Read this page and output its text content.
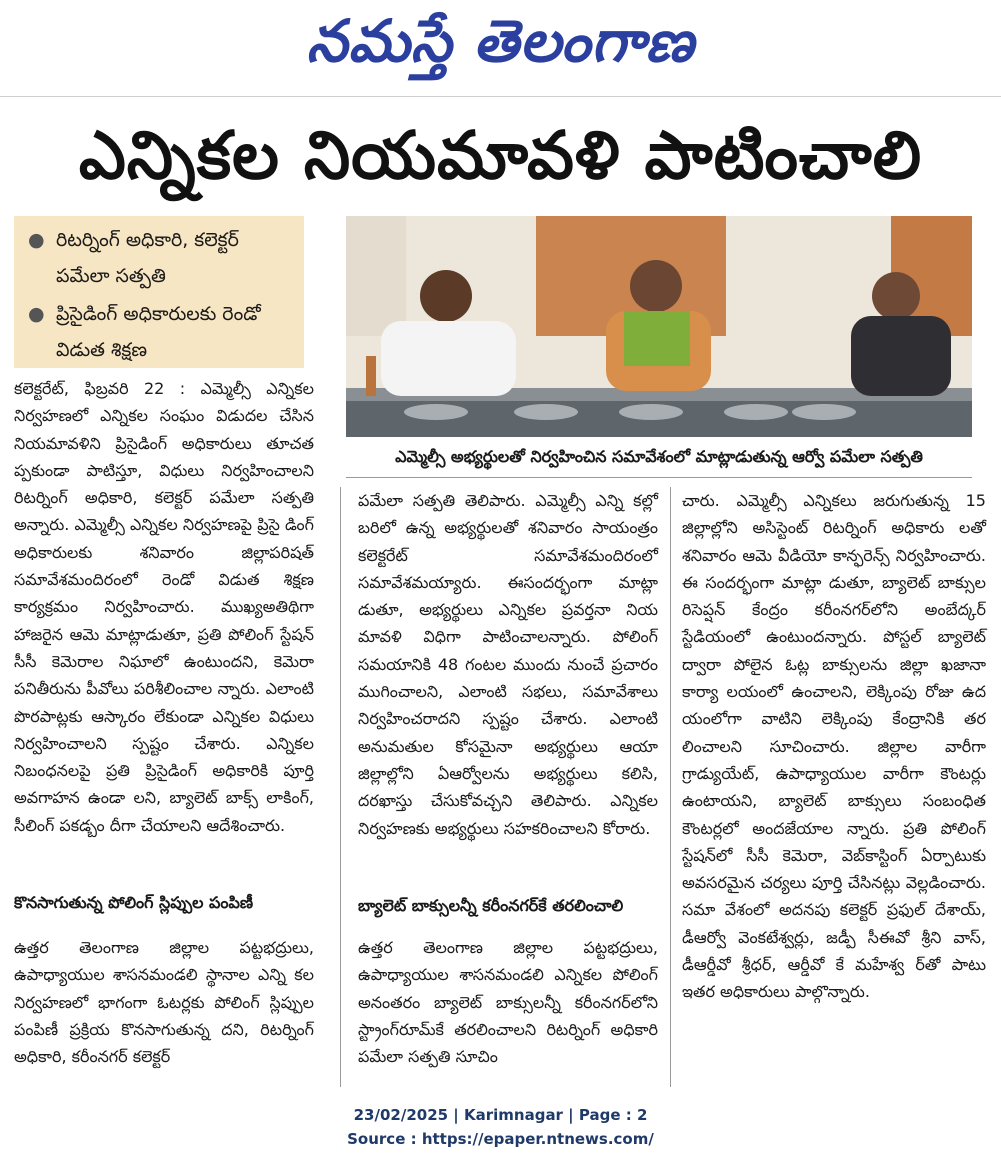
నమస్తే తెలంగాణ
ఎన్నికల నియమావళి పాటించాలి
● రిటర్నింగ్ అధికారి, కలెక్టర్ పమేలా సత్పతి
● ప్రిసైడింగ్ అధికారులకు రెండో విడుత శిక్షణ
ఎమ్మెల్సీ అభ్యర్థులతో నిర్వహించిన సమావేశంలో మాట్లాడుతున్న ఆర్వో పమేలా సత్పతి

కలెక్టరేట్, ఫిబ్రవరి 22 : ఎమ్మెల్సీ ఎన్నికల నిర్వహణలో ఎన్నికల సంఘం విడుదల చేసిన నియమావళిని ప్రిసైడింగ్ అధికారులు తూచత ప్పకుండా పాటిస్తూ, విధులు నిర్వహించాలని రిటర్నింగ్ అధికారి, కలెక్టర్ పమేలా సత్పతి అన్నారు. ఎమ్మెల్సీ ఎన్నికల నిర్వహణపై ప్రిసై డింగ్ అధికారులకు శనివారం జిల్లాపరిషత్ సమావేశమందిరంలో రెండో విడుత శిక్షణ కార్యక్రమం నిర్వహించారు. ముఖ్యఅతిథిగా హాజరైన ఆమె మాట్లాడుతూ, ప్రతి పోలింగ్ స్టేషన్ సీసీ కెమెరాల నిఘాలో ఉంటుందని, కెమెరా పనితీరును పీవోలు పరిశీలించాల న్నారు. ఎలాంటి పొరపాట్లకు ఆస్కారం లేకుండా ఎన్నికల విధులు నిర్వహించాలని స్పష్టం చేశారు. ఎన్నికల నిబంధనలపై ప్రతి ప్రిసైడింగ్ అధికారికి పూర్తి అవగాహన ఉండా లని, బ్యాలెట్ బాక్స్ లాకింగ్, సీలింగ్ పకడ్బం దీగా చేయాలని ఆదేశించారు.

కొనసాగుతున్న పోలింగ్ స్లిప్పుల పంపిణీ

ఉత్తర తెలంగాణ జిల్లాల పట్టభద్రులు, ఉపాధ్యాయుల శాసనమండలి స్థానాల ఎన్ని కల నిర్వహణలో భాగంగా ఓటర్లకు పోలింగ్ స్లిప్పుల పంపిణీ ప్రక్రియ కొనసాగుతున్న దని, రిటర్నింగ్ అధికారి, కరీంనగర్ కలెక్టర్

పమేలా సత్పతి తెలిపారు. ఎమ్మెల్సీ ఎన్ని కల్లో బరిలో ఉన్న అభ్యర్థులతో శనివారం సాయంత్రం కలెక్టరేట్ సమావేశమందిరంలో సమావేశమయ్యారు. ఈసందర్భంగా మాట్లా డుతూ, అభ్యర్థులు ఎన్నికల ప్రవర్తనా నియ మావళి విధిగా పాటించాలన్నారు. పోలింగ్ సమయానికి 48 గంటల ముందు నుంచే ప్రచారం ముగించాలని, ఎలాంటి సభలు, సమావేశాలు నిర్వహించరాదని స్పష్టం చేశారు. ఎలాంటి అనుమతుల కోసమైనా అభ్యర్థులు ఆయా జిల్లాల్లోని ఏఆర్వోలను అభ్యర్థులు కలిసి, దరఖాస్తు చేసుకోవచ్చని తెలిపారు. ఎన్నికల నిర్వహణకు అభ్యర్థులు సహకరించాలని కోరారు.

బ్యాలెట్ బాక్సులన్నీ కరీంనగర్‌కే తరలించాలి

ఉత్తర తెలంగాణ జిల్లాల పట్టభద్రులు, ఉపాధ్యాయుల శాసనమండలి ఎన్నికల పోలింగ్ అనంతరం బ్యాలెట్ బాక్సులన్నీ కరీంనగర్‌లోని స్ట్రాంగ్‌రూమ్‌కే తరలించాలని రిటర్నింగ్ అధికారి పమేలా సత్పతి సూచిం

చారు. ఎమ్మెల్సీ ఎన్నికలు జరుగుతున్న 15 జిల్లాల్లోని అసిస్టెంట్ రిటర్నింగ్ అధికారు లతో శనివారం ఆమె వీడియో కాన్ఫరెన్స్ నిర్వహించారు. ఈ సందర్భంగా మాట్లా డుతూ, బ్యాలెట్ బాక్సుల రిసెప్షన్ కేంద్రం కరీంనగర్‌లోని అంబేద్కర్ స్టేడియంలో ఉంటుందన్నారు. పోస్టల్ బ్యాలెట్ ద్వారా పోలైన ఓట్ల బాక్సులను జిల్లా ఖజానా కార్యా లయంలో ఉంచాలని, లెక్కింపు రోజు ఉద యంలోగా వాటిని లెక్కింపు కేంద్రానికి తర లించాలని సూచించారు. జిల్లాల వారీగా గ్రాడ్యుయేట్, ఉపాధ్యాయుల వారీగా కౌంటర్లు ఉంటాయని, బ్యాలెట్ బాక్సులు సంబంధిత కౌంటర్లలో అందజేయాల న్నారు. ప్రతి పోలింగ్ స్టేషన్‌లో సీసీ కెమెరా, వెబ్‌కాస్టింగ్ ఏర్పాటుకు అవసరమైన చర్యలు పూర్తి చేసినట్లు వెల్లడించారు. సమా వేశంలో అదనపు కలెక్టర్ ప్రఫుల్ దేశాయ్, డీఆర్వో వెంకటేశ్వర్లు, జడ్పీ సీఈవో శ్రీని వాస్, డీఆర్డీవో శ్రీధర్, ఆర్డీవో కే మహేశ్వ ర్‌తో పాటు ఇతర అధికారులు పాల్గొన్నారు.

23/02/2025 | Karimnagar | Page : 2
Source : https://epaper.ntnews.com/
